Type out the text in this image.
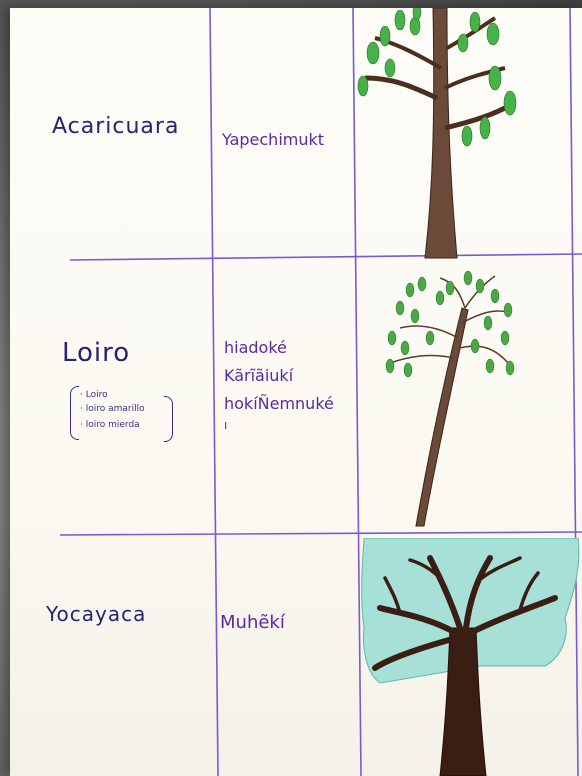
Acaricuara
Yapechimukt
Loiro
· Loiro
· loiro amarillo
· loiro mierda
hiadoké
Kãrĩãiukí
hokíÑemnuké
ı
Yocayaca	Muhẽkí
